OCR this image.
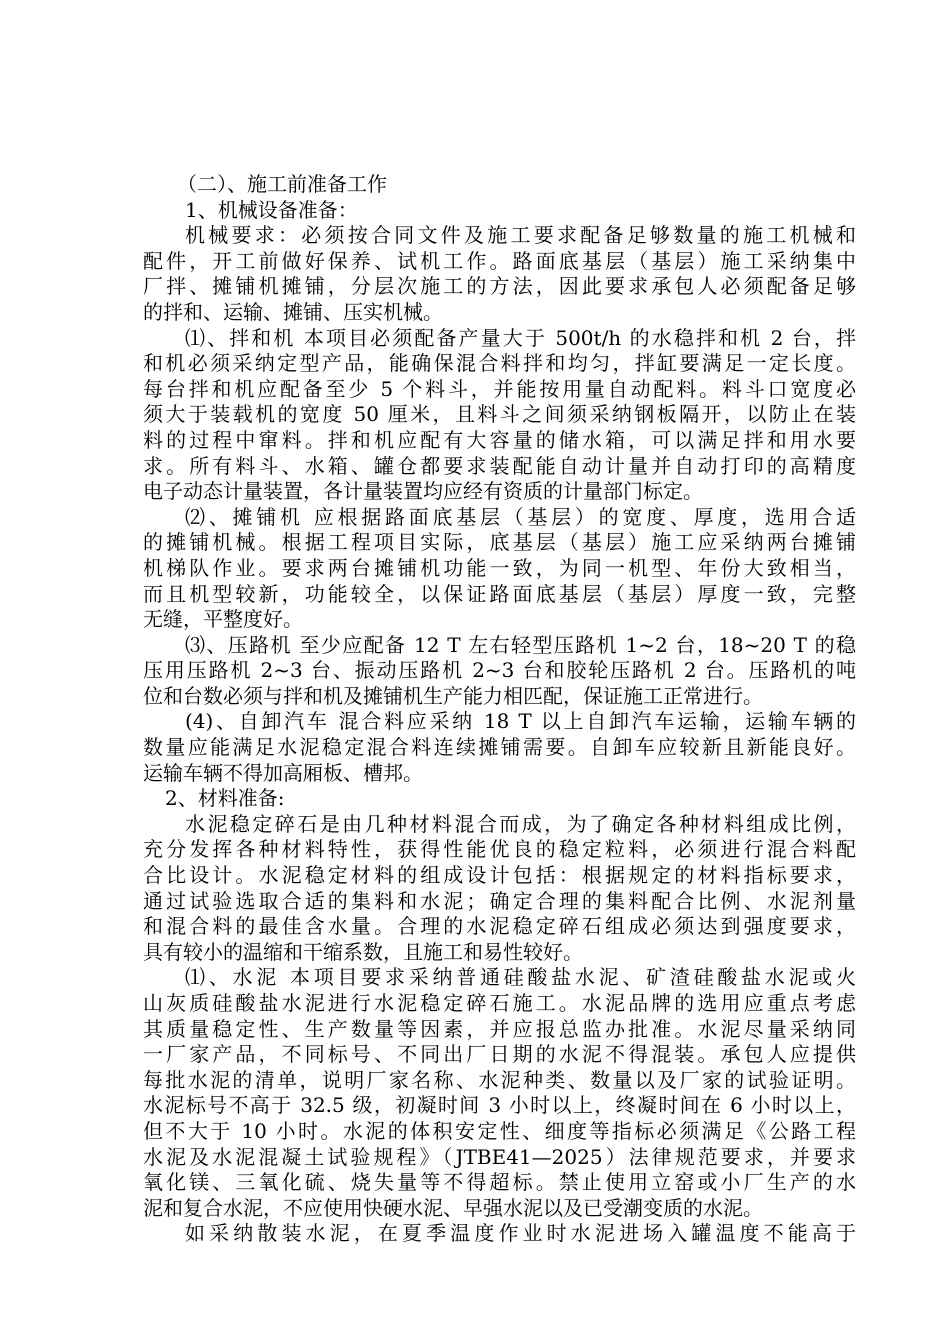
（二）、施工前准备工作
1、机械设备准备：
机械要求：必须按合同文件及施工要求配备足够数量的施工机械和
配件，开工前做好保养、试机工作。路面底基层（基层）施工采纳集中
厂拌、摊铺机摊铺，分层次施工的方法，因此要求承包人必须配备足够
的拌和、运输、摊铺、压实机械。
⑴、拌和机 本项目必须配备产量大于 500t/h 的水稳拌和机 2 台，拌
和机必须采纳定型产品，能确保混合料拌和均匀，拌缸要满足一定长度。
每台拌和机应配备至少 5 个料斗，并能按用量自动配料。料斗口宽度必
须大于装载机的宽度 50 厘米，且料斗之间须采纳钢板隔开，以防止在装
料的过程中窜料。拌和机应配有大容量的储水箱，可以满足拌和用水要
求。所有料斗、水箱、罐仓都要求装配能自动计量并自动打印的高精度
电子动态计量装置，各计量装置均应经有资质的计量部门标定。
⑵、摊铺机 应根据路面底基层（基层）的宽度、厚度，选用合适
的摊铺机械。根据工程项目实际，底基层（基层）施工应采纳两台摊铺
机梯队作业。要求两台摊铺机功能一致，为同一机型、年份大致相当，
而且机型较新，功能较全，以保证路面底基层（基层）厚度一致，完整
无缝，平整度好。
⑶、压路机 至少应配备 12 T 左右轻型压路机 1~2 台，18~20 T 的稳
压用压路机 2~3 台、振动压路机 2~3 台和胶轮压路机 2 台。压路机的吨
位和台数必须与拌和机及摊铺机生产能力相匹配，保证施工正常进行。
(4)、自卸汽车 混合料应采纳 18 T 以上自卸汽车运输，运输车辆的
数量应能满足水泥稳定混合料连续摊铺需要。自卸车应较新且新能良好。
运输车辆不得加高厢板、槽邦。
2、材料准备:
水泥稳定碎石是由几种材料混合而成，为了确定各种材料组成比例，
充分发挥各种材料特性，获得性能优良的稳定粒料，必须进行混合料配
合比设计。水泥稳定材料的组成设计包括：根据规定的材料指标要求，
通过试验选取合适的集料和水泥；确定合理的集料配合比例、水泥剂量
和混合料的最佳含水量。合理的水泥稳定碎石组成必须达到强度要求，
具有较小的温缩和干缩系数，且施工和易性较好。
⑴、水泥 本项目要求采纳普通硅酸盐水泥、矿渣硅酸盐水泥或火
山灰质硅酸盐水泥进行水泥稳定碎石施工。水泥品牌的选用应重点考虑
其质量稳定性、生产数量等因素，并应报总监办批准。水泥尽量采纳同
一厂家产品，不同标号、不同出厂日期的水泥不得混装。承包人应提供
每批水泥的清单，说明厂家名称、水泥种类、数量以及厂家的试验证明。
水泥标号不高于 32.5 级，初凝时间 3 小时以上，终凝时间在 6 小时以上，
但不大于 10 小时。水泥的体积安定性、细度等指标必须满足《公路工程
水泥及水泥混凝土试验规程》（JTBE41—2025）法律规范要求，并要求
氧化镁、三氧化硫、烧失量等不得超标。禁止使用立窑或小厂生产的水
泥和复合水泥，不应使用快硬水泥、早强水泥以及已受潮变质的水泥。
如采纳散装水泥，在夏季温度作业时水泥进场入罐温度不能高于
